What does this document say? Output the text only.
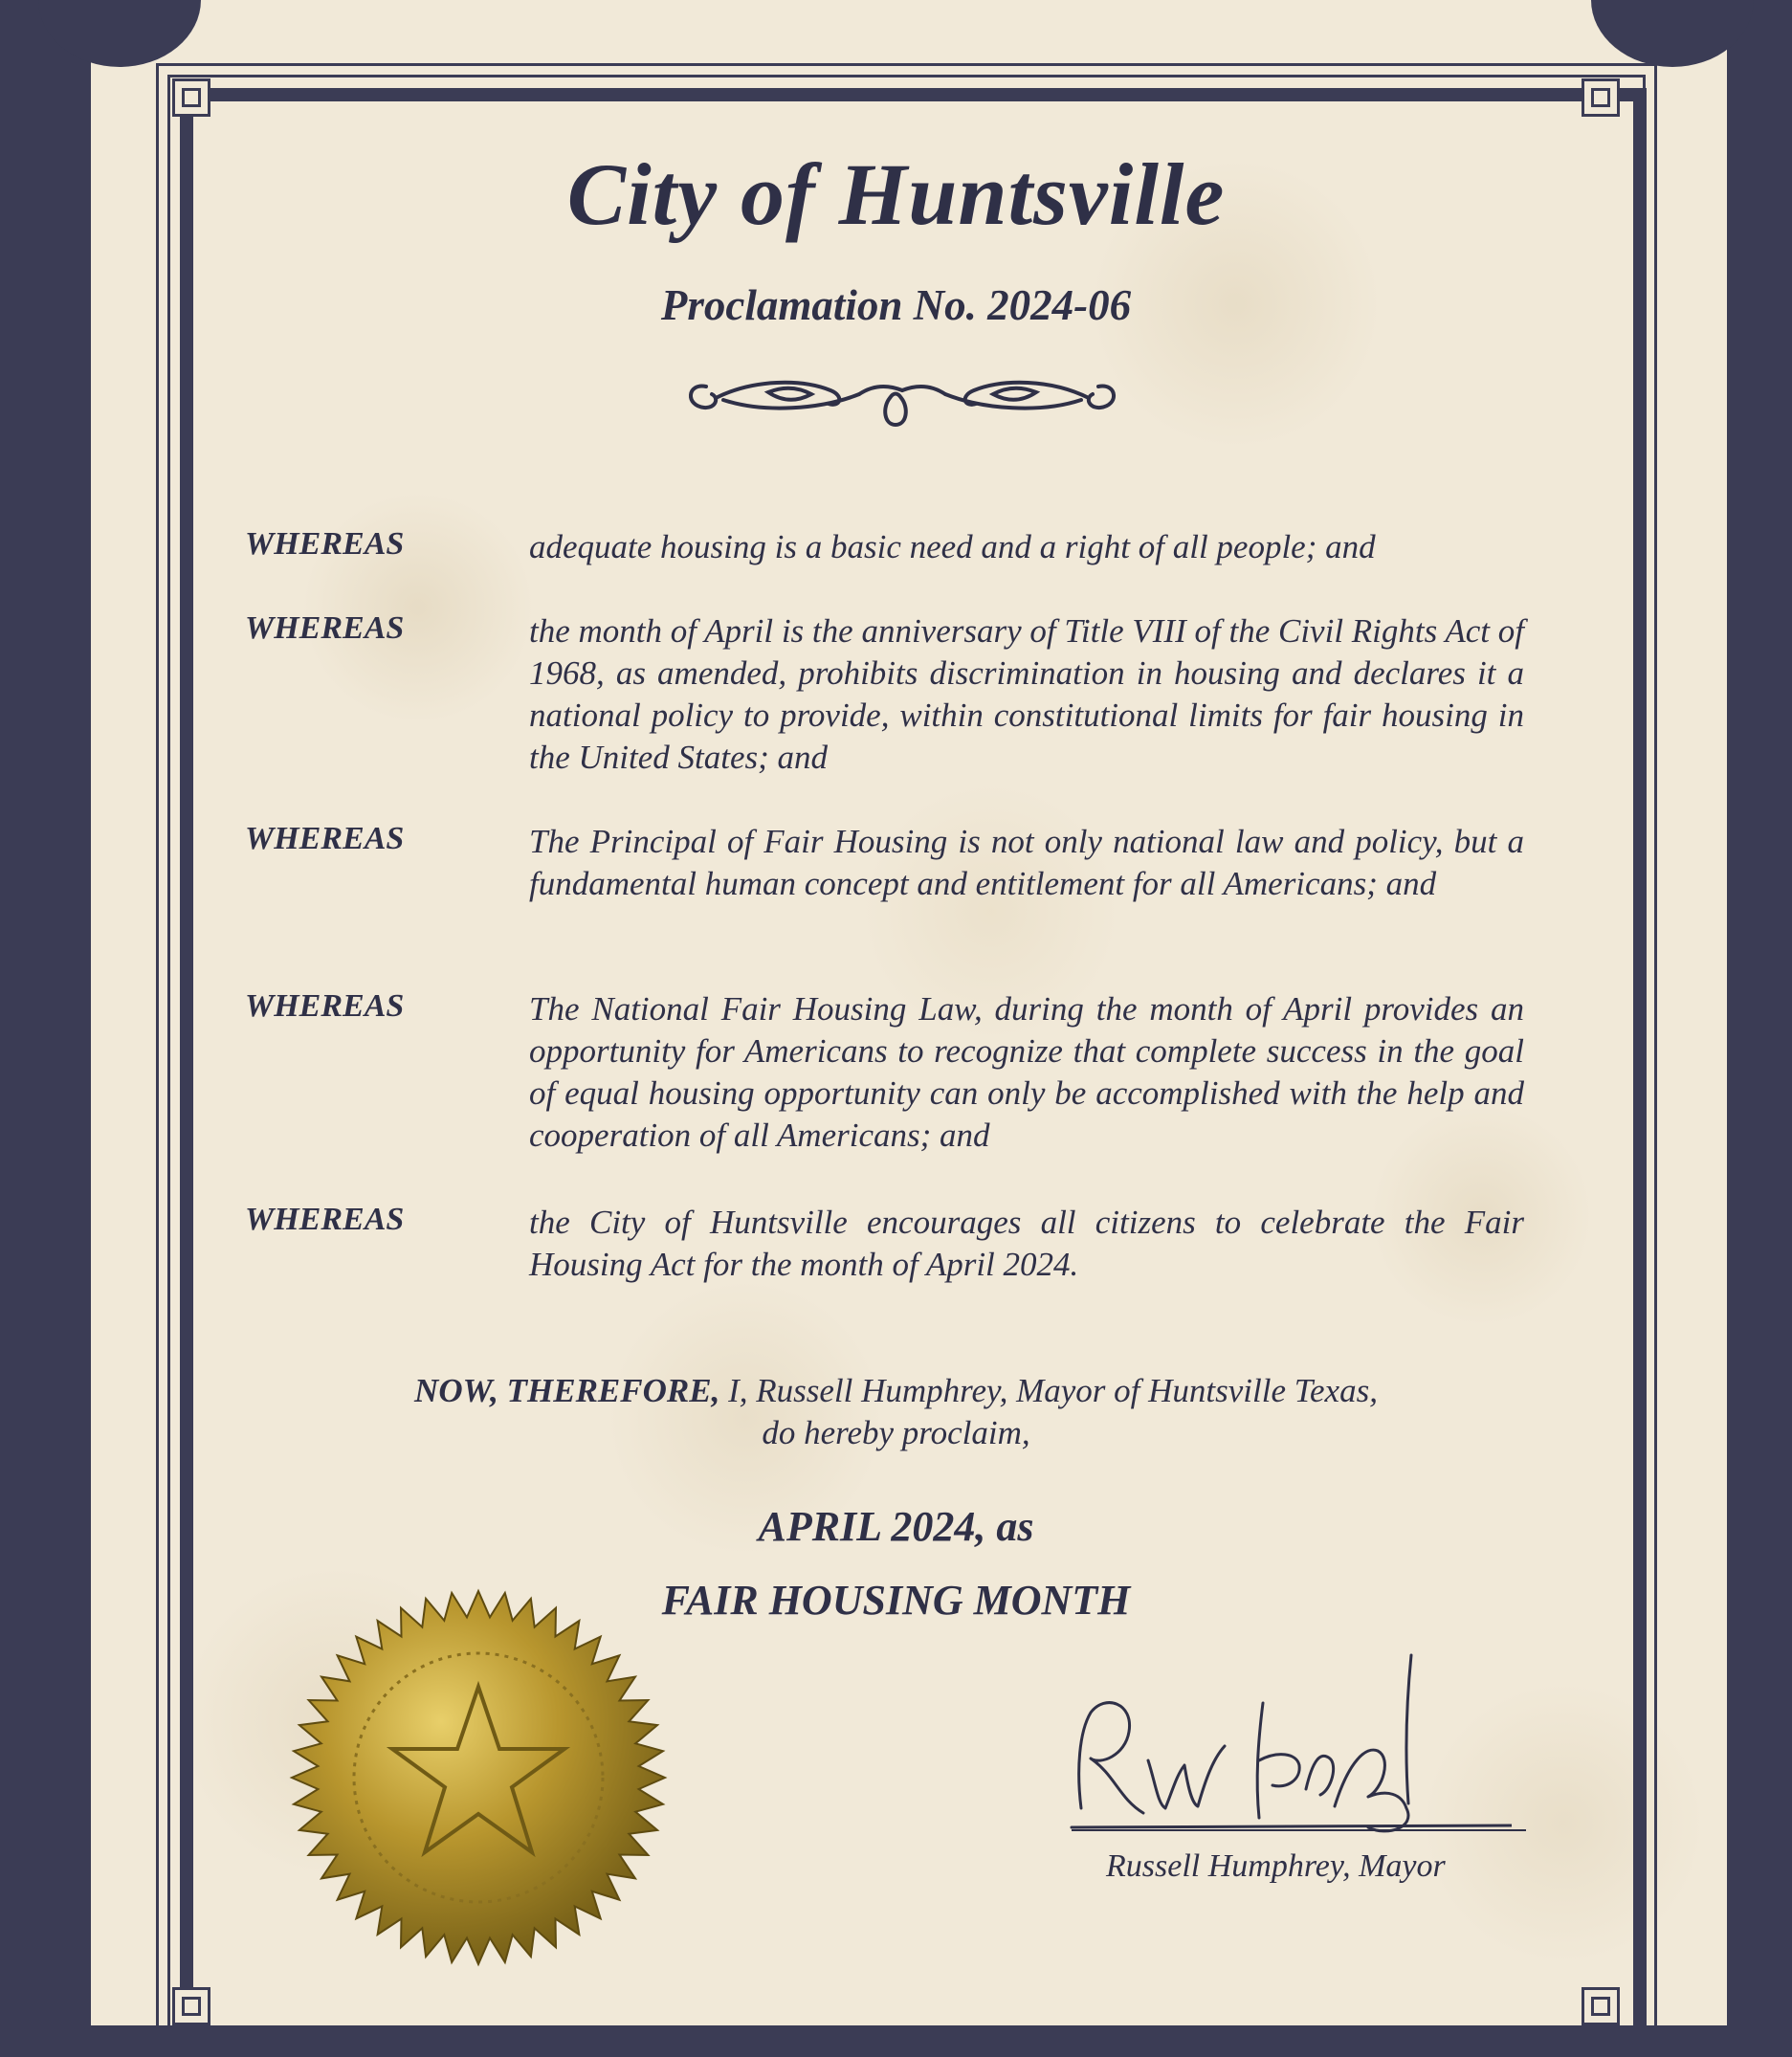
City of Huntsville
Proclamation No. 2024-06
WHEREAS	adequate housing is a basic need and a right of all people; and
WHEREAS	the month of April is the anniversary of Title VIII of the Civil Rights Act of 1968, as amended, prohibits discrimination in housing and declares it a national policy to provide, within constitutional limits for fair housing in the United States; and
WHEREAS	The Principal of Fair Housing is not only national law and policy, but a fundamental human concept and entitlement for all Americans; and
WHEREAS	The National Fair Housing Law, during the month of April provides an opportunity for Americans to recognize that complete success in the goal of equal housing opportunity can only be accomplished with the help and cooperation of all Americans; and
WHEREAS	the City of Huntsville encourages all citizens to celebrate the Fair Housing Act for the month of April 2024.
NOW, THEREFORE, I, Russell Humphrey, Mayor of Huntsville Texas,
do hereby proclaim,
APRIL 2024, as
FAIR HOUSING MONTH
Russell Humphrey, Mayor
